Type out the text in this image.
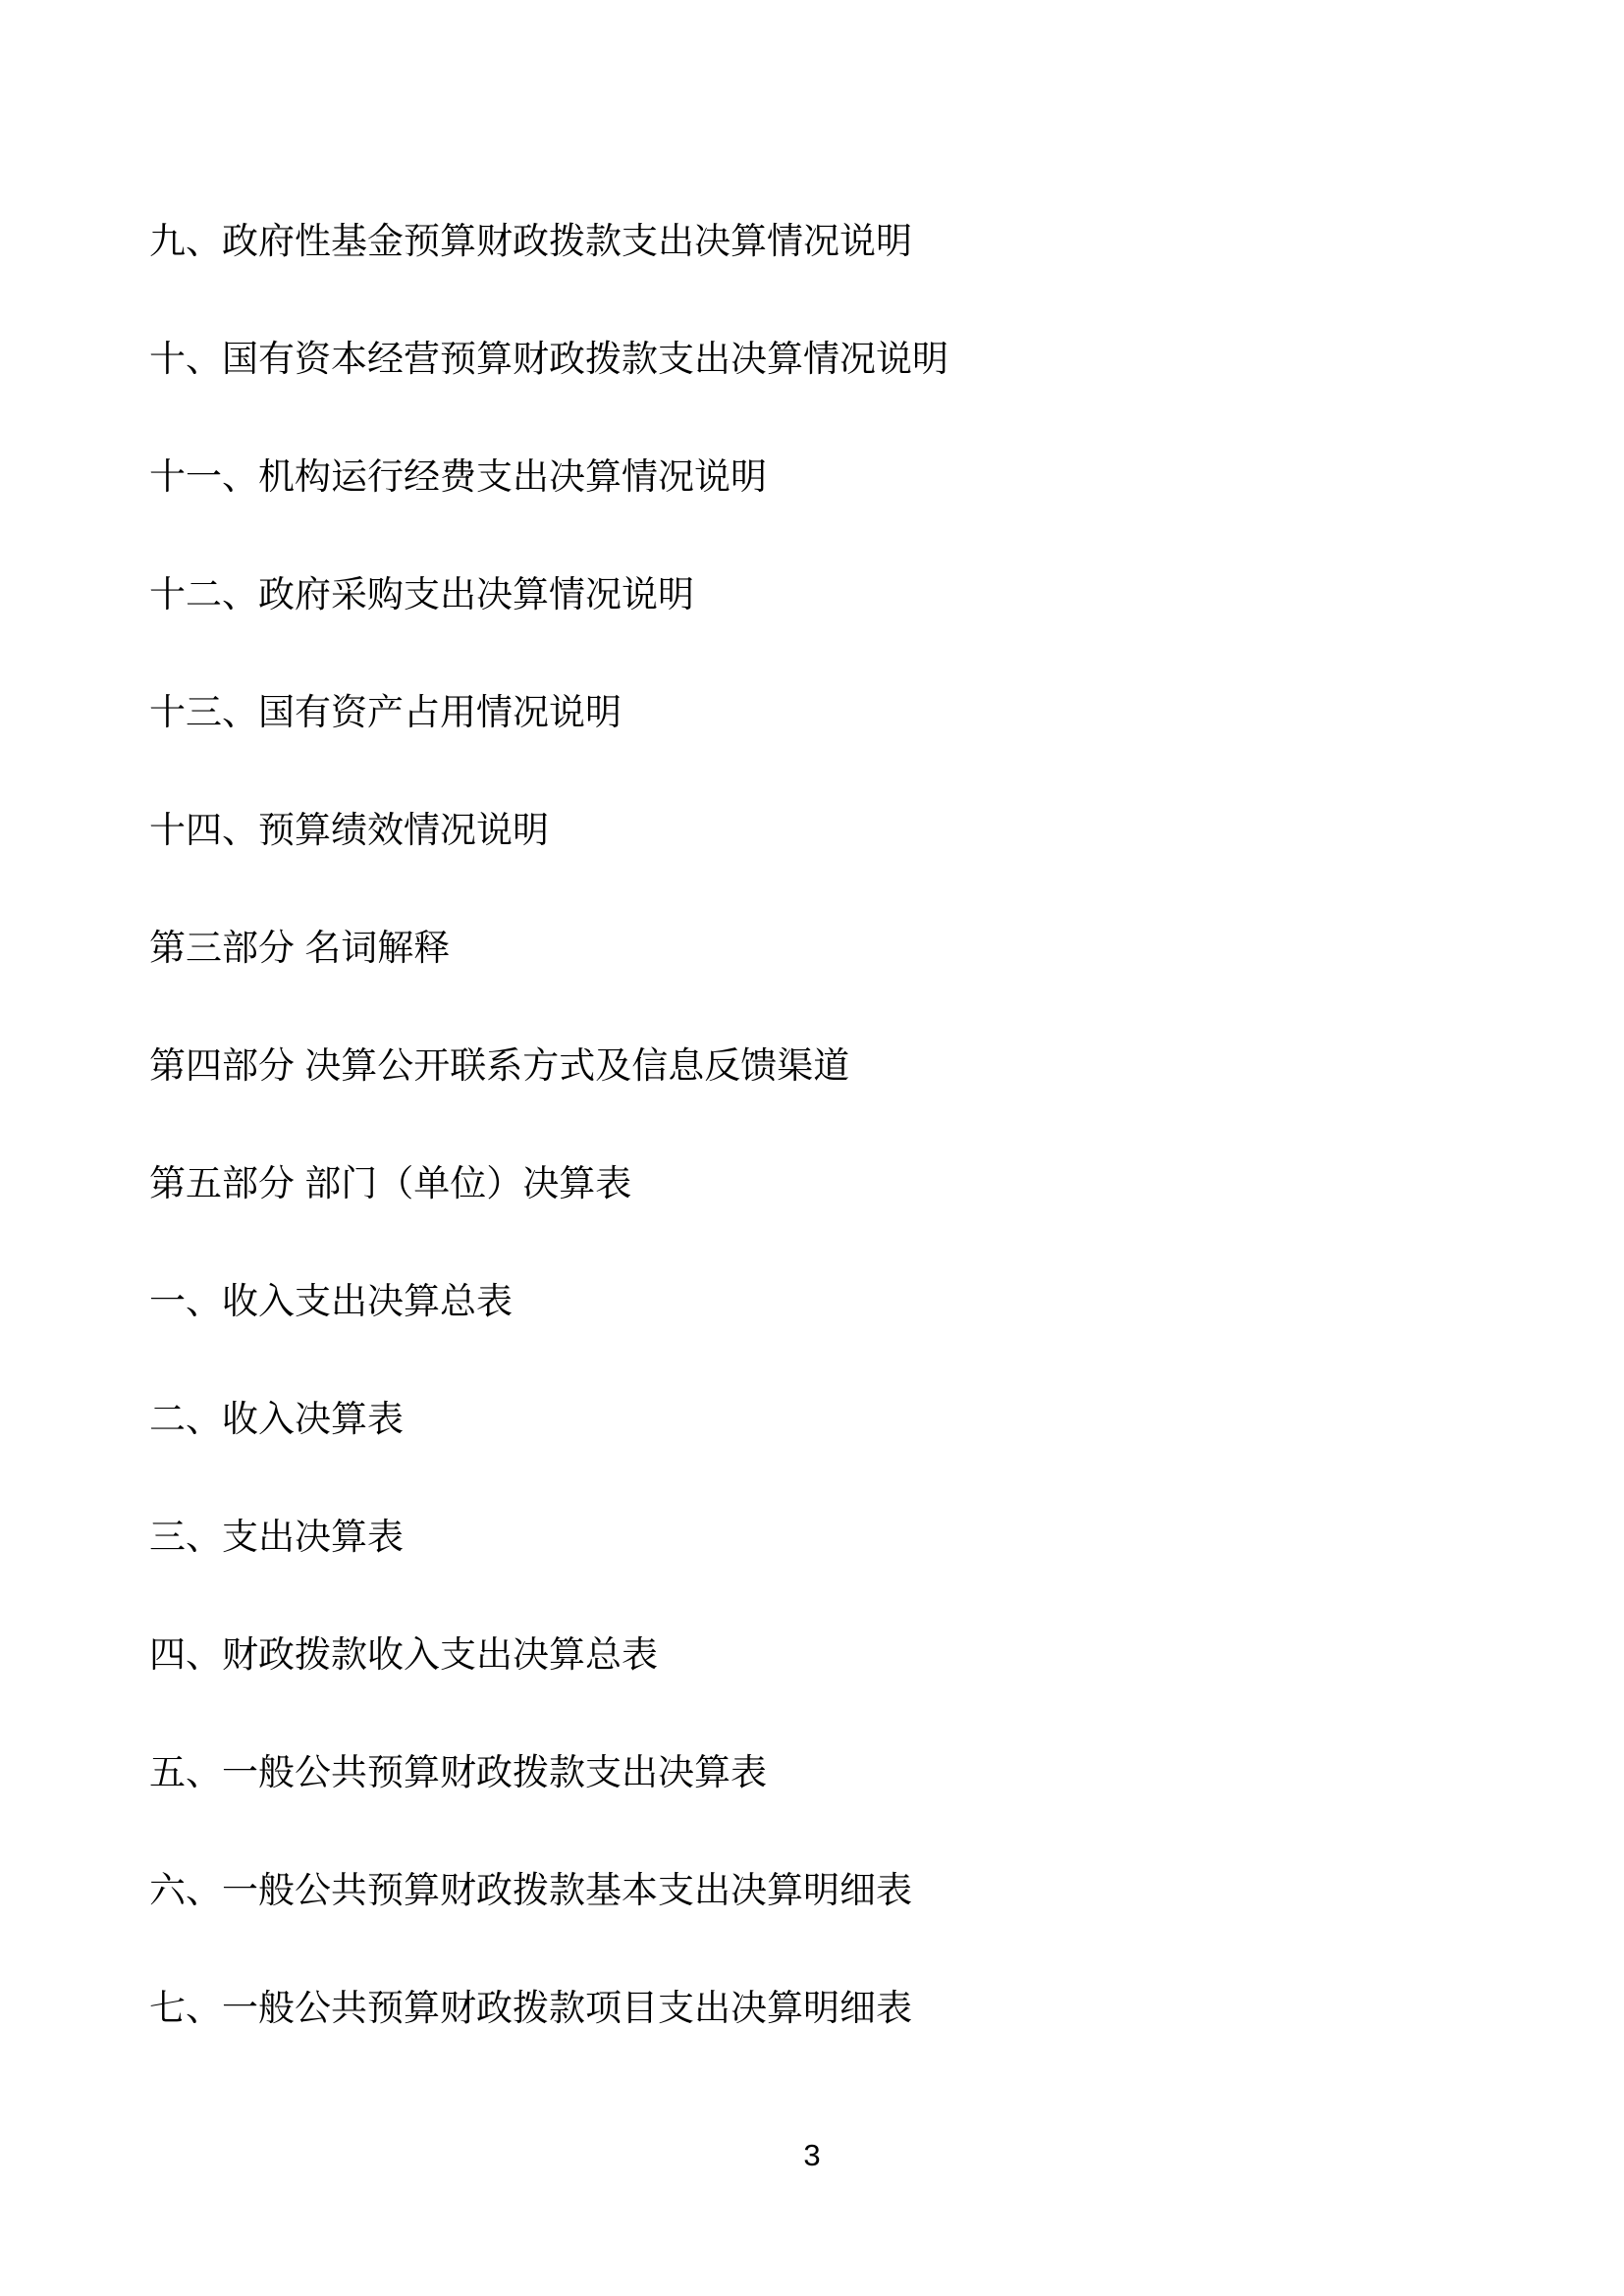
九、政府性基金预算财政拨款支出决算情况说明
十、国有资本经营预算财政拨款支出决算情况说明
十一、机构运行经费支出决算情况说明
十二、政府采购支出决算情况说明
十三、国有资产占用情况说明
十四、预算绩效情况说明
第三部分 名词解释
第四部分 决算公开联系方式及信息反馈渠道
第五部分 部门（单位）决算表
一、收入支出决算总表
二、收入决算表
三、支出决算表
四、财政拨款收入支出决算总表
五、一般公共预算财政拨款支出决算表
六、一般公共预算财政拨款基本支出决算明细表
七、一般公共预算财政拨款项目支出决算明细表
3
